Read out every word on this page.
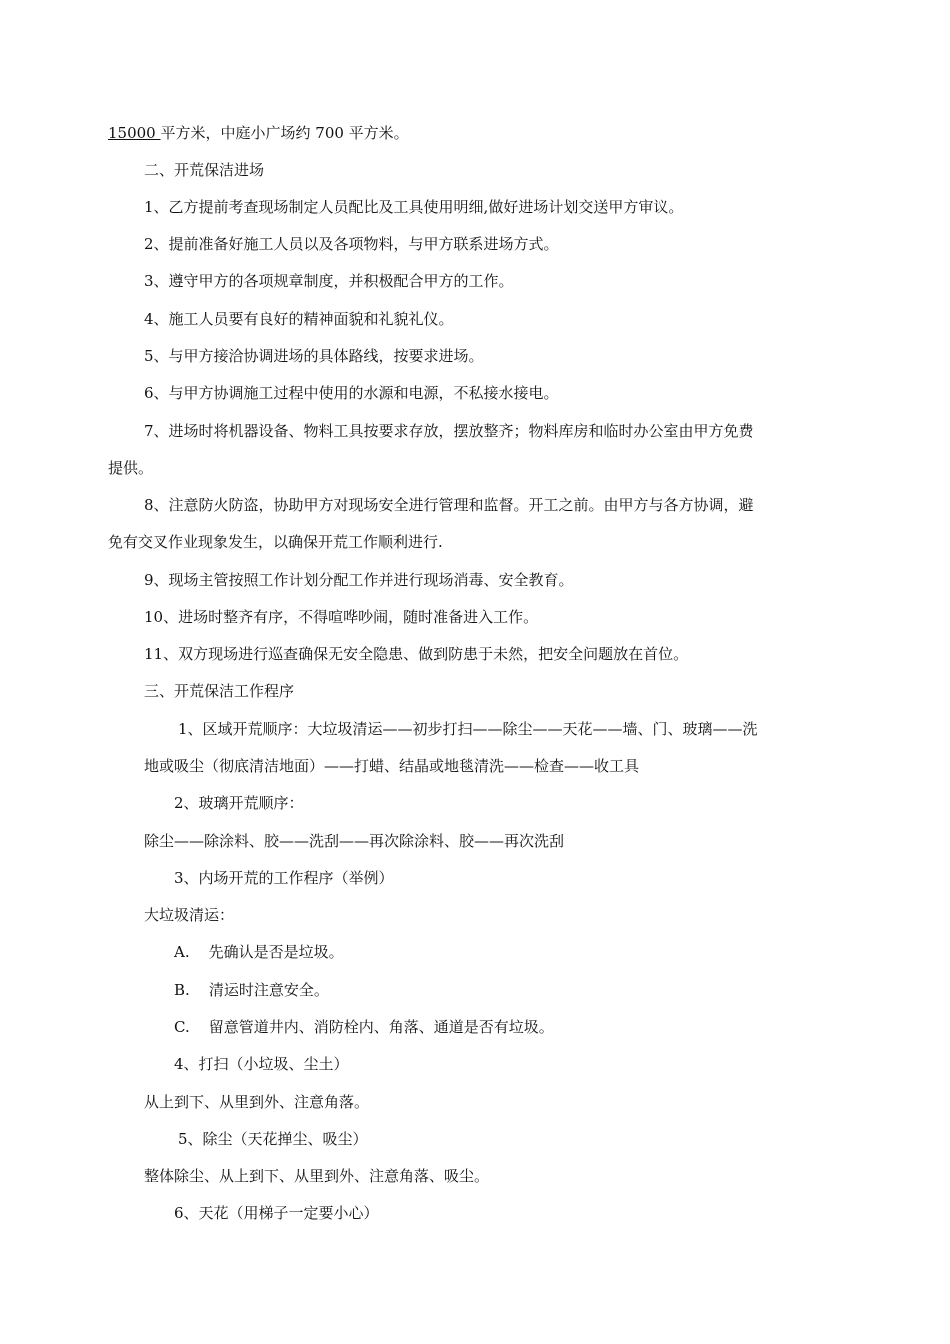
15000 平方米，中庭小广场约 700 平方米。
二、开荒保洁进场
1、乙方提前考查现场制定人员配比及工具使用明细,做好进场计划交送甲方审议。
2、提前准备好施工人员以及各项物料，与甲方联系进场方式。
3、遵守甲方的各项规章制度，并积极配合甲方的工作。
4、施工人员要有良好的精神面貌和礼貌礼仪。
5、与甲方接洽协调进场的具体路线，按要求进场。
6、与甲方协调施工过程中使用的水源和电源，不私接水接电。
7、进场时将机器设备、物料工具按要求存放，摆放整齐；物料库房和临时办公室由甲方免费
提供。
8、注意防火防盗，协助甲方对现场安全进行管理和监督。开工之前。由甲方与各方协调，避
免有交叉作业现象发生，以确保开荒工作顺利进行.
9、现场主管按照工作计划分配工作并进行现场消毒、安全教育。
10、进场时整齐有序，不得喧哗吵闹，随时准备进入工作。
11、双方现场进行巡查确保无安全隐患、做到防患于未然，把安全问题放在首位。
三、开荒保洁工作程序
1、区域开荒顺序：大垃圾清运——初步打扫——除尘——天花——墙、门、玻璃——洗
地或吸尘（彻底清洁地面）——打蜡、结晶或地毯清洗——检查——收工具
2、玻璃开荒顺序：
除尘——除涂料、胶——洗刮——再次除涂料、胶——再次洗刮
3、内场开荒的工作程序（举例）
大垃圾清运：
A.    先确认是否是垃圾。
B.    清运时注意安全。
C.    留意管道井内、消防栓内、角落、通道是否有垃圾。
4、打扫（小垃圾、尘土）
从上到下、从里到外、注意角落。
5、除尘（天花掸尘、吸尘）
整体除尘、从上到下、从里到外、注意角落、吸尘。
6、天花（用梯子一定要小心）
